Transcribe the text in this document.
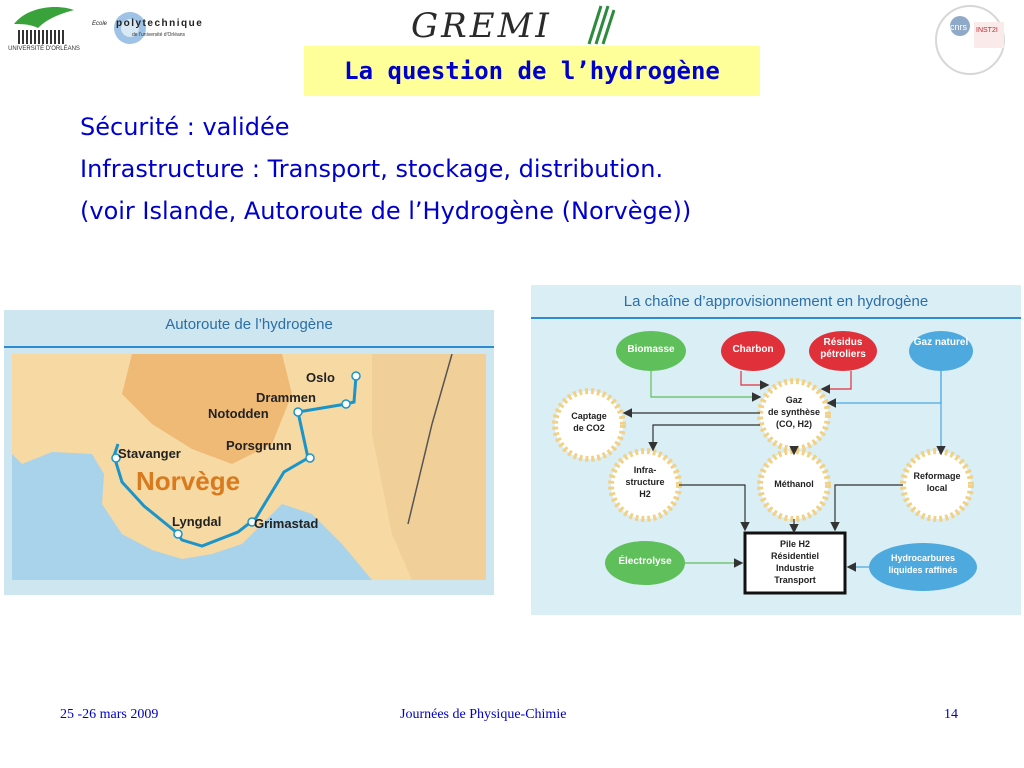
UNIVERSITÉ D'ORLÉANS
Ecole polytechnique
de l'université d'Orléans	GREMI	cnrs INST2I
La question de l’hydrogène
Sécurité : validée
Infrastructure : Transport, stockage, distribution.
(voir Islande, Autoroute de l’Hydrogène (Norvège))
Autoroute de l’hydrogène
Oslo
Drammen
Notodden
Porsgrunn
Stavanger
Lyngdal	Grimastad
Norvège
La chaîne d’approvisionnement en hydrogène
Biomasse	Charbon
Résidus pétroliers
Gaz naturel
Gaz
de synthèse
(CO, H2)
Captage
de CO2
Infra-
structure
H2
Méthanol
Reformage
local
Électrolyse
Pile H2
Résidentiel
Industrie
Transport
Hydrocarbures
liquides raffinés
25 -26 mars 2009	Journées de Physique-Chimie	14
